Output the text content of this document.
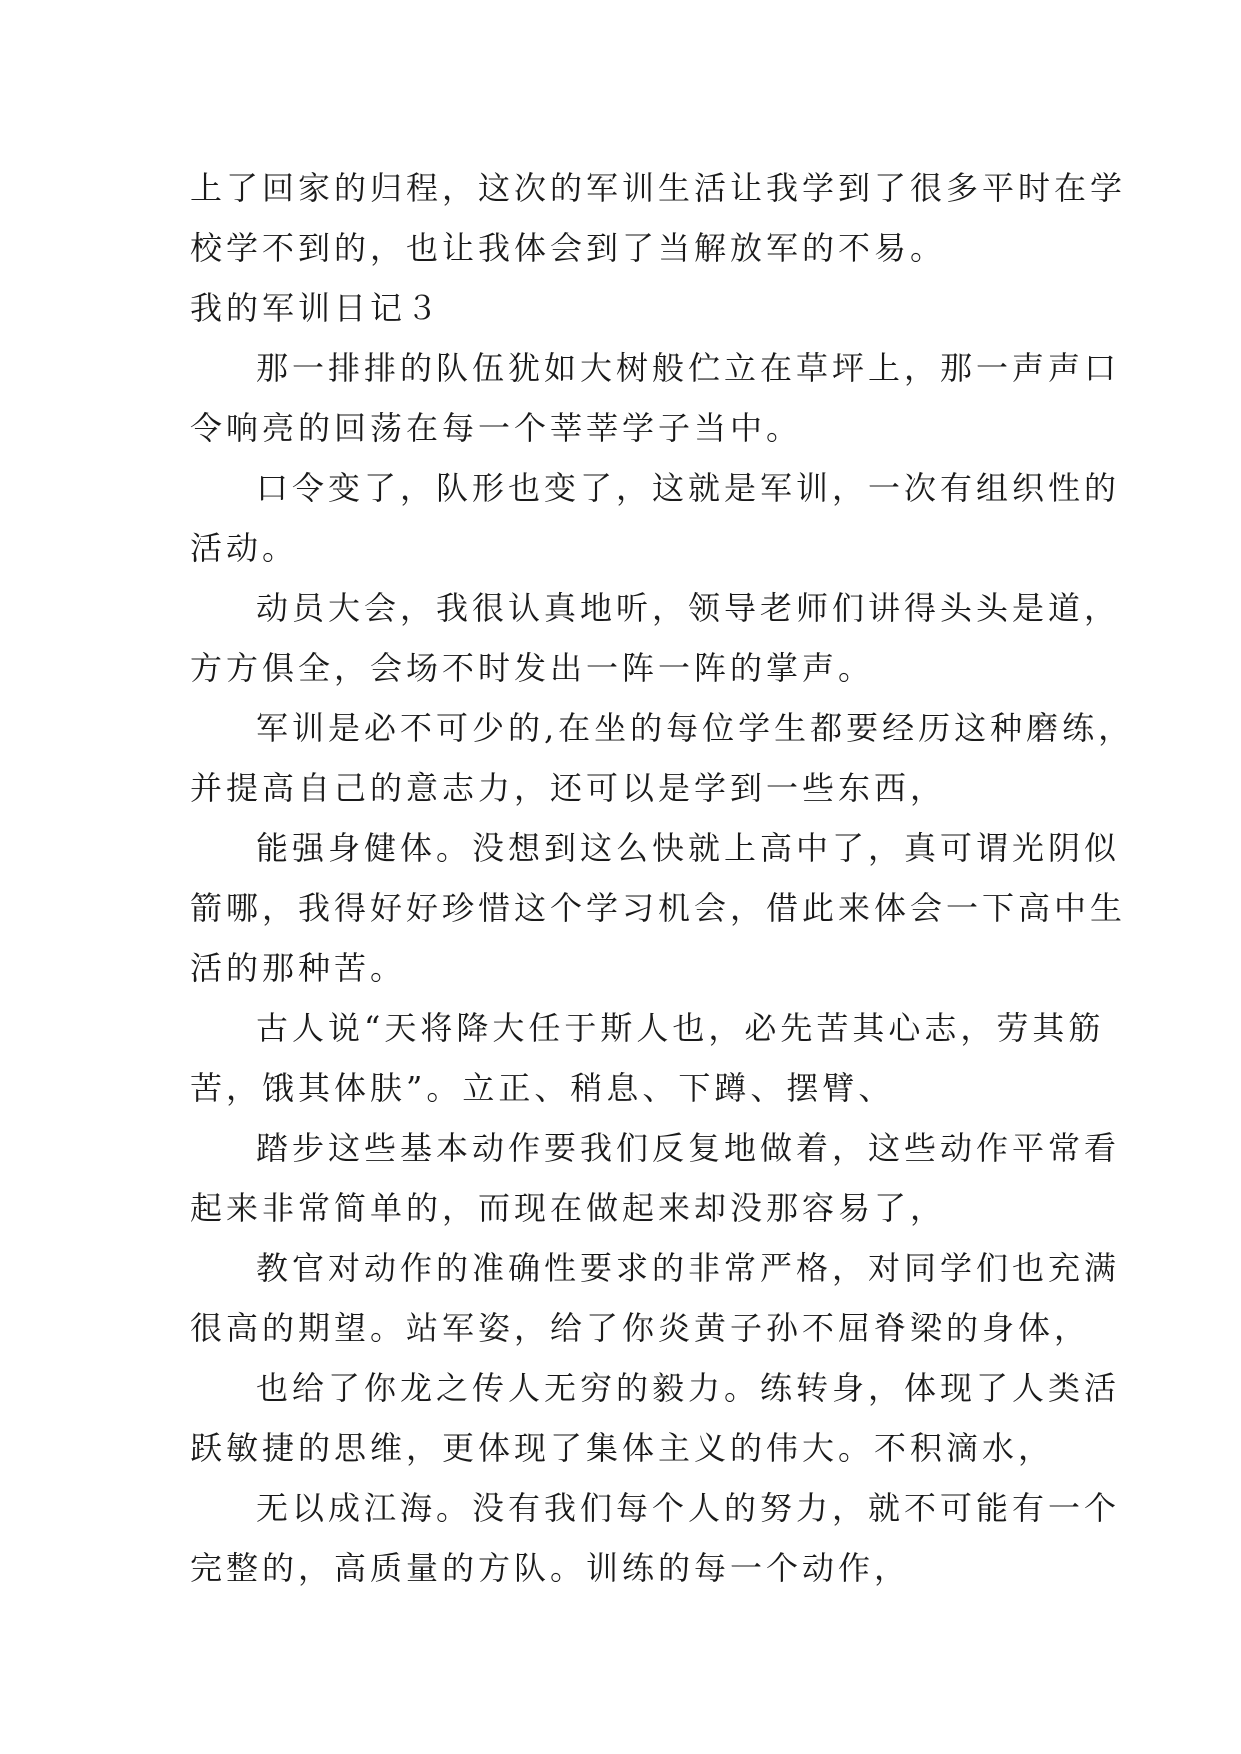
上了回家的归程，这次的军训生活让我学到了很多平时在学
校学不到的，也让我体会到了当解放军的不易。
我的军训日记３
那一排排的队伍犹如大树般伫立在草坪上，那一声声口
令响亮的回荡在每一个莘莘学子当中。
口令变了，队形也变了，这就是军训，一次有组织性的
活动。
动员大会，我很认真地听，领导老师们讲得头头是道，
方方俱全，会场不时发出一阵一阵的掌声。
军训是必不可少的,在坐的每位学生都要经历这种磨练，
并提高自己的意志力，还可以是学到一些东西，
能强身健体。没想到这么快就上高中了，真可谓光阴似
箭哪，我得好好珍惜这个学习机会，借此来体会一下高中生
活的那种苦。
古人说“天将降大任于斯人也，必先苦其心志，劳其筋
苦，饿其体肤”。立正、稍息、下蹲、摆臂、
踏步这些基本动作要我们反复地做着，这些动作平常看
起来非常简单的，而现在做起来却没那容易了，
教官对动作的准确性要求的非常严格，对同学们也充满
很高的期望。站军姿，给了你炎黄子孙不屈脊梁的身体，
也给了你龙之传人无穷的毅力。练转身，体现了人类活
跃敏捷的思维，更体现了集体主义的伟大。不积滴水，
无以成江海。没有我们每个人的努力，就不可能有一个
完整的，高质量的方队。训练的每一个动作，
